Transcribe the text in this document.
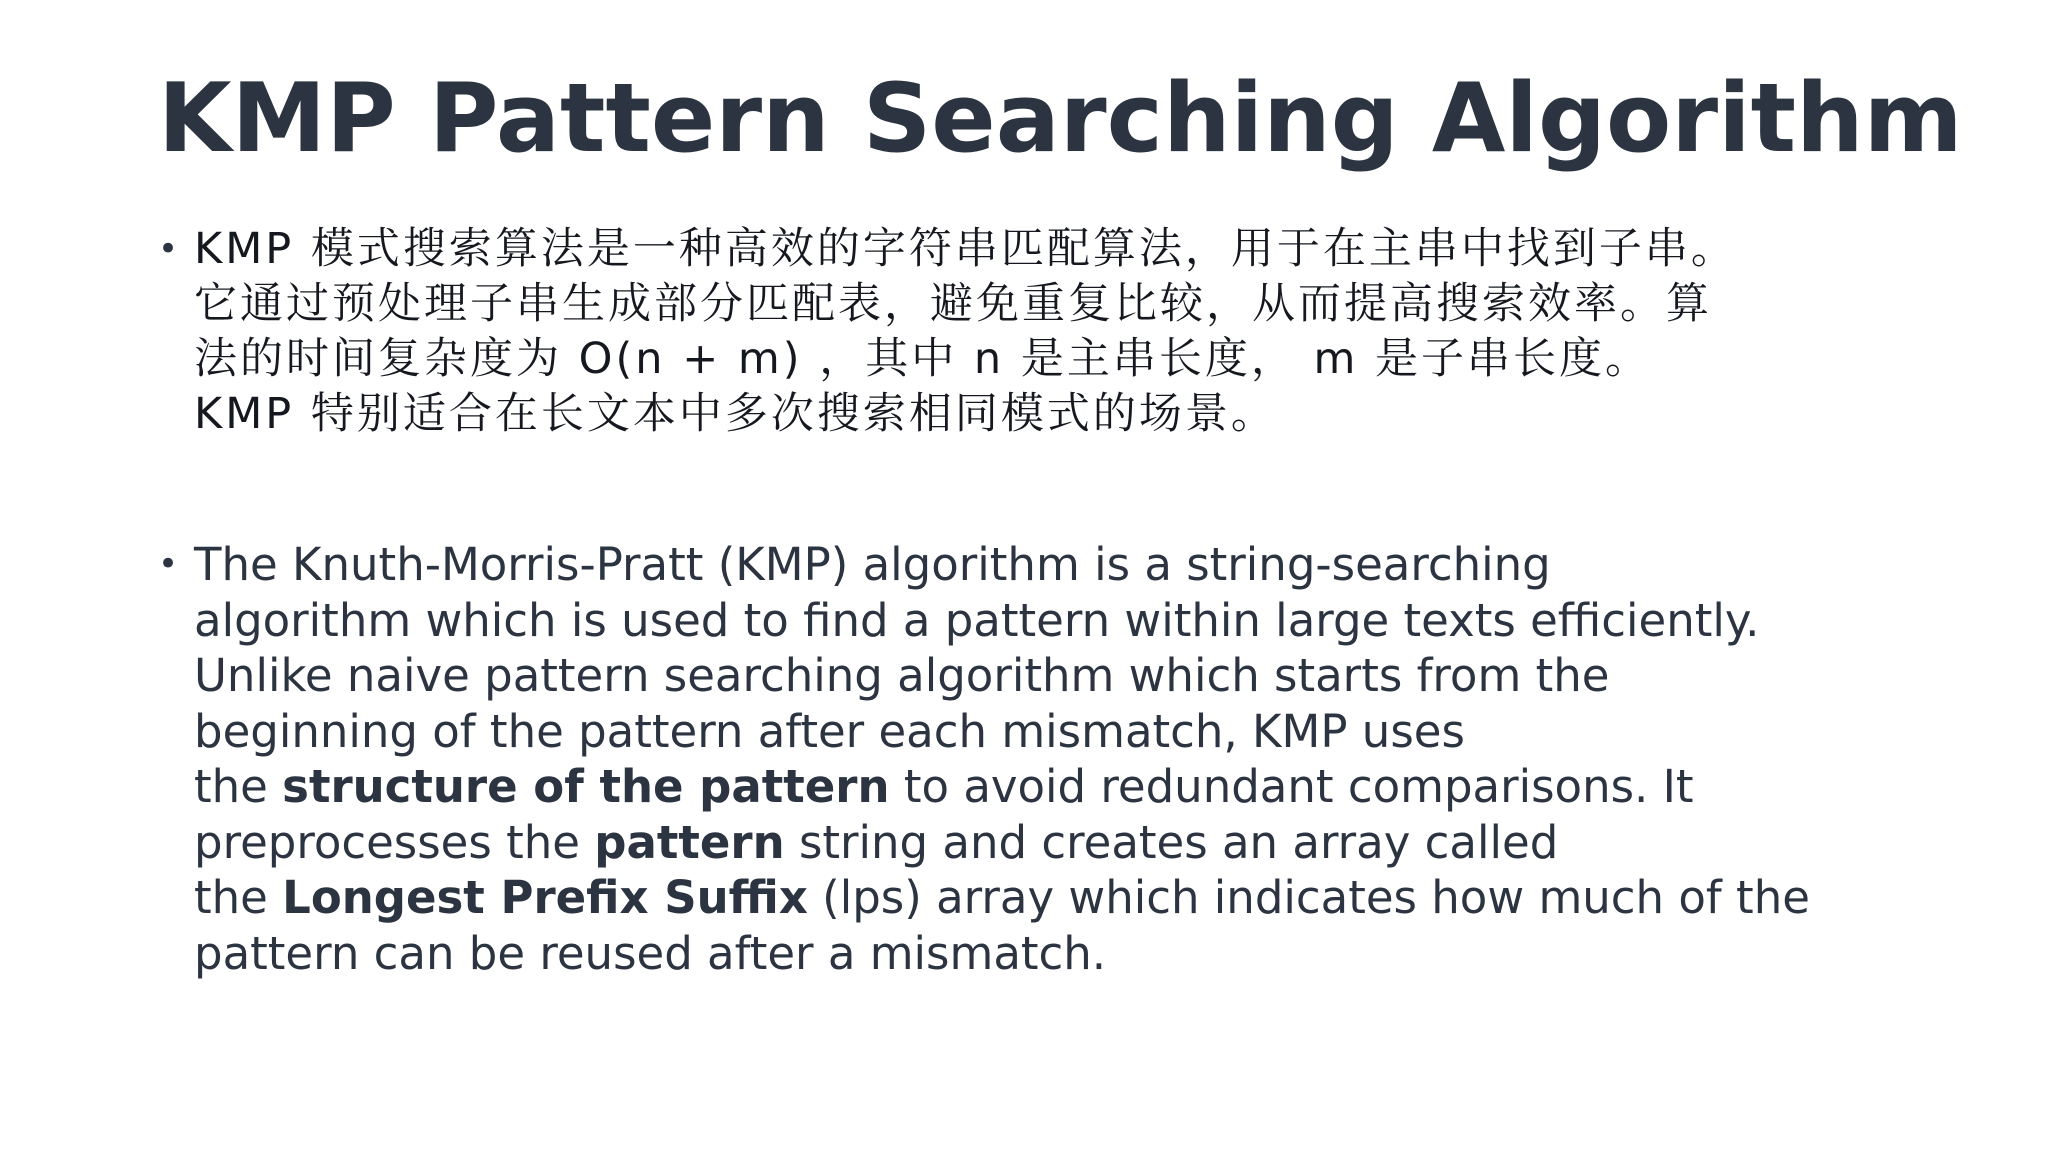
KMP Pattern Searching Algorithm
• KMP 模式搜索算法是一种高效的字符串匹配算法，用于在主串中找到子串。
它通过预处理子串生成部分匹配表，避免重复比较，从而提高搜索效率。算
法的时间复杂度为 O(n + m) ，其中 n 是主串长度， m 是子串长度。
KMP 特别适合在长文本中多次搜索相同模式的场景。
• The Knuth-Morris-Pratt (KMP) algorithm is a string-searching
algorithm which is used to find a pattern within large texts efficiently.
Unlike naive pattern searching algorithm which starts from the
beginning of the pattern after each mismatch, KMP uses
the structure of the pattern to avoid redundant comparisons. It
preprocesses the pattern string and creates an array called
the Longest Prefix Suffix (lps) array which indicates how much of the
pattern can be reused after a mismatch.
